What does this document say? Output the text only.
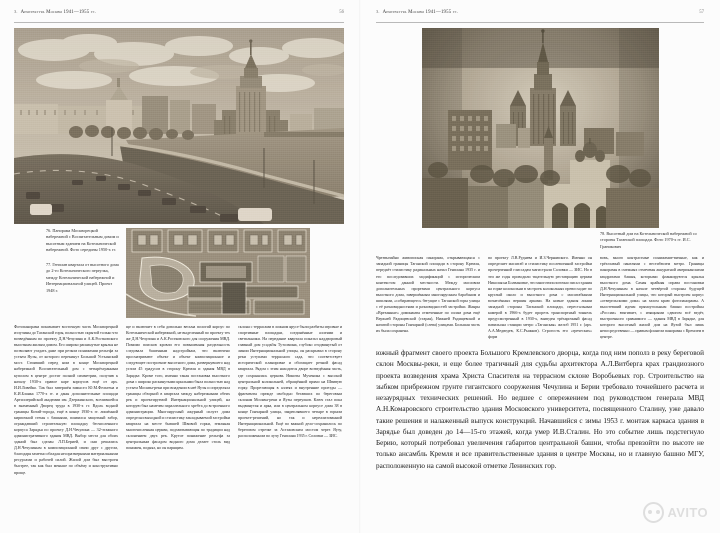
3. Архитектура Москвы 1941—1955 гг.	56
76. Панорама Москворецкой набережной с Воспитательным домом и высотным зданием на Котельнической набережной. Фото середины 1950-х гг.
77. Генплан квартала от высотного дома до 2-го Котельнического переулка, между Котельнической набережной и Интернациональной улицей. Проект 1948 г.
Фотопанорама показывает восточную часть Москворецкой излучины до Таганской горы, полностью скрытой только что возведённым по проекту Д.Н.Чечулина и А.К.Ростковского высотным жилым домом. Его широко раскинутые крылья не позволяют угадать даже при резком понижении рельефа за устьем Яузы, от которого перекинут Большой Устьинский мост. Стоявший перед ним в конце Москворецкой набережной Воспитательный дом с четырёхгранным куполом в центре достиг полной симметрии, получив к началу 1930-х правое каре корпусов ещё от арх. И.И.Ловейко. Так был завершён замысел Ю.М.Фельтена и К.И.Бланка 1770-х гг. и даны дополнительные площади Артиллерийской академии им. Дзержинского, вселившейся в знаменный Дворец труда в 1930-х гг. Вдоль водной границы Китай-города, ещё в конце 1930-х гг. лишённой кирпичной стены с башнями, появился защитный забор, ограждавший строительную площадку бесчисленного корпуса Зарядья по проекту Д.Н.Чечулина — 32-этажного административного здания МВД. Выбор места для обоих зданий был сделан Л.П.Берией, и они решались Д.Н.Чечулиным в композиционной связи друг с другом, благодаря заметно обладая несоразмерными материальными ресурсами и рабочей силой. Жилой дом был выстроен быстрее, так как был меньше по объёму и конструктивно проще.
ще и включает в себя довольно весьма пологий корпус по Котельнической набережной, не выделенный по проекту тех же Д.Н.Чечулина и А.К.Ростковского для сооружения МВД. Помимо поисков кровли его повышенная раздельность следовала башенным надстройкам, что включено просматривают объект и объект композиционное и следующее построение высотного дома, развернувшего над углом 45 градусов в сторону Кремля и здания МВД в Зарядье. Кроме того, именно такая постановка высотного дома с широко раскинутыми крыльями была полностью над устьем Москвы-реки при впадении в неё Яузы и определяла границы обзорной в квартала между набережными обеих рек и проектируемой Интернациональной улицей, на которую был намечен параллельного хребта до встроенного администрации. Многоярусный ажурный силуэт дома определял выходной и стилистику закладываемой застройки квартала на месте бывшей Швивой горки, земляная многочисленная церкви, подхватывающая по традиции над склонением двух рек. Крутое понижение рельефа за центральным фасадом видного дома делает столь вид понижен, поднял, но он парящим.
склона с террасами в ложном ярусе были разбиты игровые и спортивные площадки, соединённые аллеями и светильники. На передание квартала показал наддворовый главный дом усадьбы Тутолмина, глубоко отодвинутый от линии Интернациональной улицы, он раскрывал в сторону реки уступами террасного сада, что соответствует исторической планировке и обогащает речной фасад квартала. Рядом с этим находится дворе возведённая часть, где сохранялась церковь Никиты Мученика с высокой центральной колокольней, обращённой прямо на Швивую горку. Прорезающая в аллеях и внутренние проезды — фрагменты прежде свободно бегавших по береговым склонам Москвы-реки и Яузы переулков. Ключ стал пока выдвинутая и арка, или в центральном корпусе дома 38 в конце Гончарной улицы, закреплявшего четыре в горном проекте-решений, но так и нереализованной Интернациональной. Ещё по важной дело-сохранилось по береговом отрезке за Астаховским мостом через Яузу, расположенном по лучу Генплана 1935 г. Соловки — ЗИС.
3. Архитектура Москвы 1941—1955 гг.	57
78. Высотный дом на Котельнической набережной со стороны Таганской площади. Фото 1970-х гг. И.С. Граникович
Чрезвычайно живописная панорама, открывающаяся с западной границы Таганской площади в сторону Кремля, передаёт стилистику радикальных начал Генплана 1935 г. и его последовавших модификаций с историческим контекстом данной местности. Между массивом дополнительных прорезями центрального корпуса высотного дома, завершённым многоярусным барабаном и шпилями, «собирающего» бегущие с Таганской горы улицы с её разновидностями и разновидностей застройки. Жанры «Врезанные» доминанты отмеченные по силам дома ещё Верхней Радищевской (старая), Нижней Радищевской и начатой стороны Гончарной (слева) улицами. Большая часть их была сохранена.
по проекту Л.В.Руднева и И.З.Чернявского. Именно он определяет масштаб и стилистику послевоенной застройки прочерченной глиссадам магистрали Соловки — ЗИС. Но в эти же годы проводили тщательную реставрацию церкви Николая на Болвановке, что многотипологично писал здания на горке колокольни в застроек колокольнях превосходит по круглый около и высотного дома с масштабными вознесённых вершин арками. На новые здания линии западной стороны Таганской площади, перестальным камерой в 1966-х будет прорезь транспортный тоннель предусмотренный в 1930-х, выведен трёхарочный фасад павильона станции метро «Таганская» желоб 1951 г. (арх. А.А.Медведев, К.С.Рыжков). Строгость его «греческих» форм
вовь, много контрастные понижение-вичные, как и трёхглавый панелями с вестибюлем метро. Границы панорамы в смежных отмечены аккуратной американскими квадратами башня, которыми фланкируются крылья высотного дома. Самая крайняя справа постановки Д.Н.Чечулиным в начале четвёртой стороны будущей Интернациональной улицы, что который выстроен корпус «отвергльскими дома» на залом краю фотопанорамы. А высотевший идеям прямоугольным башни постройкы «России» втягивает, с изящными сдвигом всё ведёт, выстроенного сравнимого — здания МВД в Зарядье, для которого высотный жилой дом на Яузой был лишь непосредственно — правым флангом панорамы с Кремлем в центре.
южный фрагмент своего проекта Большого Кремлевского дворца, когда под ним пополз в реку береговой склон Москвы-реки, и еще более трагичный для судьбы архитектора А.Л.Витберга крах грандиозного проекта возведения храма Христа Спасителя на террасном склоне Воробьевых гор. Строительство на зыбком прибрежном грунте гигантского сооружения Чечулина и Берии требовало точнейшего расчета и незаурядных технических решений. Но ведшее с опережением под руководством генерала МВД А.Н.Комаровского строительство здания Московского университета, посвященного Сталину, уже давало такие решения и налаженный выпуск конструкций. Начавшийся с зимы 1953 г. монтаж каркаса здания в Зарядье был доведен до 14—15-го этажей, когда умер И.В.Сталин. Но это событие лишь подстегнуло Берию, который потребовал увеличения габаритов центральной башни, чтобы превзойти по высоте не только ансамбль Кремля и все правительственные здания в центре Москвы, но и главную башню МГУ, расположенную на самой высокой отметке Ленинских гор.
AVITO
